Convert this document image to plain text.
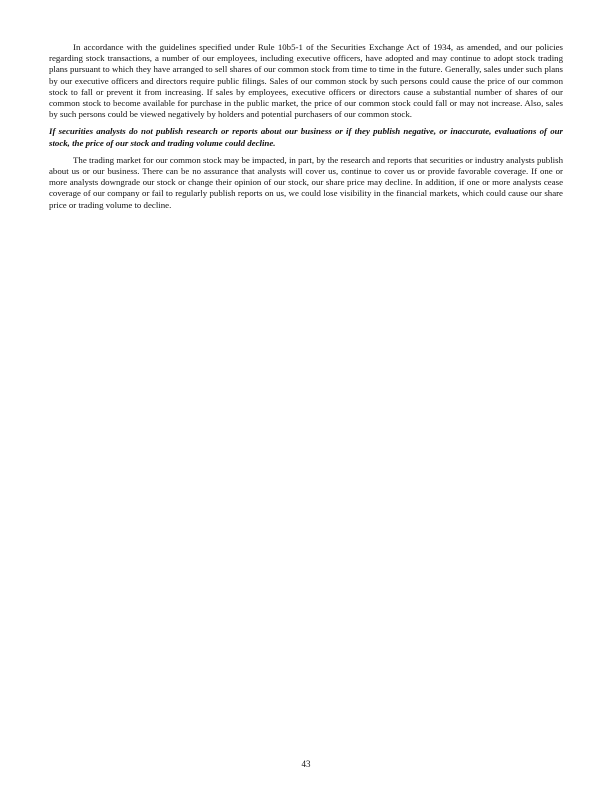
In accordance with the guidelines specified under Rule 10b5-1 of the Securities Exchange Act of 1934, as amended, and our policies regarding stock transactions, a number of our employees, including executive officers, have adopted and may continue to adopt stock trading plans pursuant to which they have arranged to sell shares of our common stock from time to time in the future. Generally, sales under such plans by our executive officers and directors require public filings. Sales of our common stock by such persons could cause the price of our common stock to fall or prevent it from increasing. If sales by employees, executive officers or directors cause a substantial number of shares of our common stock to become available for purchase in the public market, the price of our common stock could fall or may not increase. Also, sales by such persons could be viewed negatively by holders and potential purchasers of our common stock.

If securities analysts do not publish research or reports about our business or if they publish negative, or inaccurate, evaluations of our stock, the price of our stock and trading volume could decline.

The trading market for our common stock may be impacted, in part, by the research and reports that securities or industry analysts publish about us or our business. There can be no assurance that analysts will cover us, continue to cover us or provide favorable coverage. If one or more analysts downgrade our stock or change their opinion of our stock, our share price may decline. In addition, if one or more analysts cease coverage of our company or fail to regularly publish reports on us, we could lose visibility in the financial markets, which could cause our share price or trading volume to decline.

43
